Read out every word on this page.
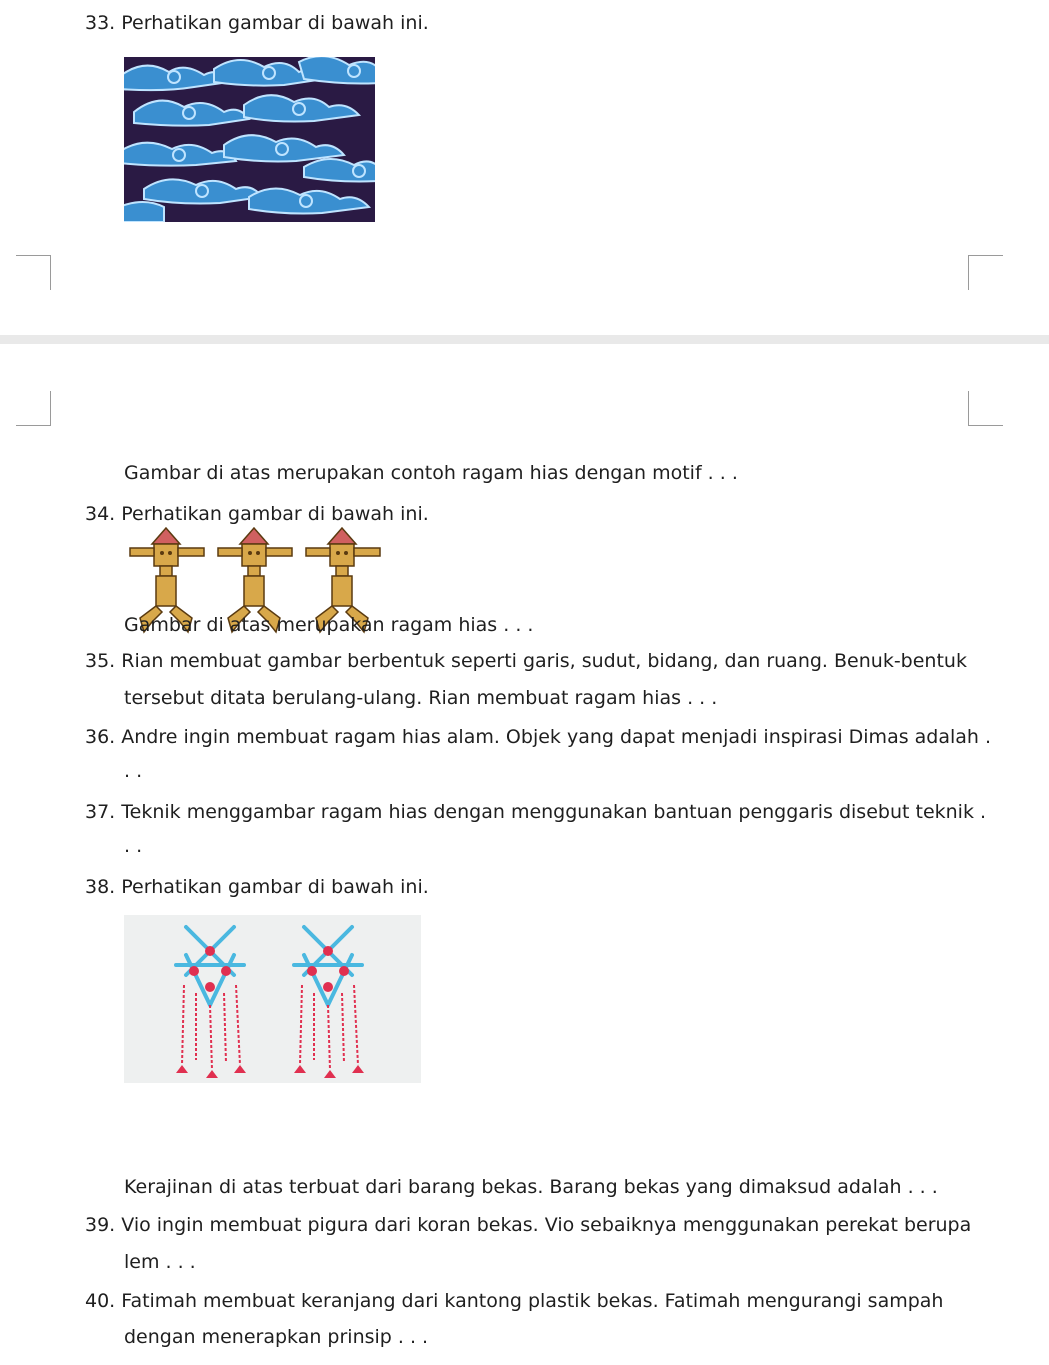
33. Perhatikan gambar di bawah ini.
Gambar di atas merupakan contoh ragam hias dengan motif . . .
34. Perhatikan gambar di bawah ini.
Gambar di atas merupakan ragam hias . . .
35. Rian membuat gambar berbentuk seperti garis, sudut, bidang, dan ruang. Benuk-bentuk
tersebut ditata berulang-ulang. Rian membuat ragam hias . . .
36. Andre ingin membuat ragam hias alam. Objek yang dapat menjadi inspirasi Dimas adalah .
. .
37. Teknik menggambar ragam hias dengan menggunakan bantuan penggaris disebut teknik .
. .
38. Perhatikan gambar di bawah ini.
Kerajinan di atas terbuat dari barang bekas. Barang bekas yang dimaksud adalah . . .
39. Vio ingin membuat pigura dari koran bekas. Vio sebaiknya menggunakan perekat berupa
lem . . .
40. Fatimah membuat keranjang dari kantong plastik bekas. Fatimah mengurangi sampah
dengan menerapkan prinsip . . .
